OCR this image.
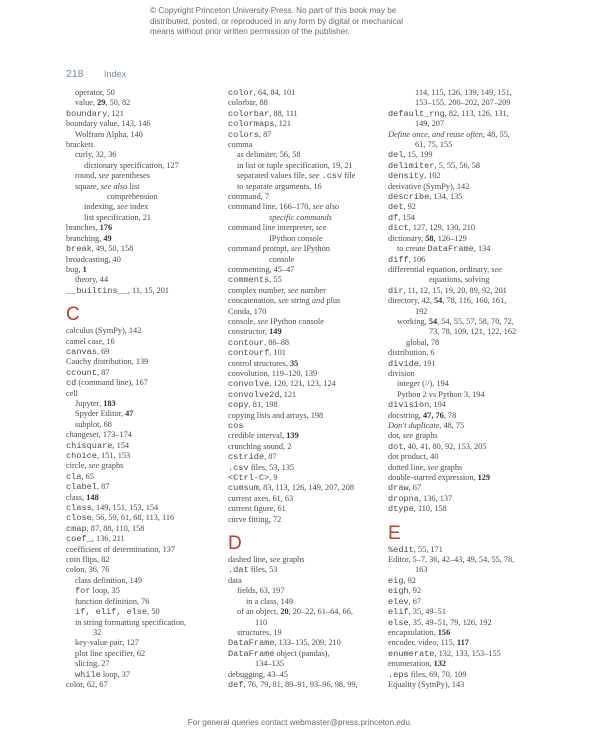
© Copyright Princeton University Press. No part of this book may be
distributed, posted, or reproduced in any form by digital or mechanical
means without prior written permission of the publisher.
218 Index
operator, 50
value, 29, 50, 82
boundary, 121
boundary value, 143, 146
Wolfram Alpha, 140
brackets
curly, 32, 36
dictionary specification, 127
round, see parentheses
square, see also list
comprehension
indexing, see index
list specification, 21
branches, 176
branching, 49
break, 49, 50, 158
broadcasting, 40
bug, 1
theory, 44
__builtins__, 11, 15, 201
C
calculus (SymPy), 142
camel case, 16
canvas, 69
Cauchy distribution, 139
ccount, 87
cd (command line), 167
cell
Jupyter, 183
Spyder Editor, 47
subplot, 68
changeset, 173–174
chisquare, 154
choice, 151, 153
circle, see graphs
cla, 65
clabel, 87
class, 148
class, 149, 151, 153, 154
close, 56, 59, 61, 68, 113, 116
cmap, 87, 88, 110, 158
coef_, 136, 211
coefficient of determination, 137
coin flips, 82
colon, 36, 76
class definition, 149
for loop, 35
function definition, 76
if, elif, else, 50
in string formatting specification,
32
key-value pair, 127
plot line specifier, 62
slicing, 27
while loop, 37
color, 62, 67
color, 64, 84, 101
colorbar, 88
colorbar, 88, 111
colormaps, 121
colors, 87
comma
as delimiter, 56, 58
in list or tuple specification, 19, 21
separated values file, see .csv file
to separate arguments, 16
command, 7
command line, 166–170, see also
specific commands
command line interpreter, see
IPython console
command prompt, see IPython
console
commenting, 45–47
comments, 55
complex number, see number
concatenation, see string and plus
Conda, 170
console, see IPython console
constructor, 149
contour, 86–88
contourf, 101
control structures, 35
convolution, 119–120, 139
convolve, 120, 121, 123, 124
convolve2d, 121
copy, 81, 198
copying lists and arrays, 198
cos
credible interval, 139
crunching sound, 2
cstride, 87
.csv files, 53, 135
<Ctrl-C>, 9
cumsum, 83, 113, 126, 149, 207, 208
current axes, 61, 63
current figure, 61
curve fitting, 72
D
dashed line, see graphs
.dat files, 53
data
fields, 63, 197
in a class, 149
of an object, 20, 20–22, 61–64, 66,
110
structures, 19
DataFrame, 133–135, 209, 210
DataFrame object (pandas),
134–135
debugging, 43–45
def, 76, 79, 81, 89–91, 93–96, 98, 99,
114, 115, 126, 139, 149, 151,
153–155, 200–202, 207–209
default_rng, 82, 113, 126, 131,
149, 207
Define once, and reuse often, 48, 55,
61, 75, 155
del, 15, 199
delimiter, 5, 55, 56, 58
density, 102
derivative (SymPy), 142
describe, 134, 135
det, 92
df, 154
dict, 127, 129, 130, 210
dictionary, 58, 126–129
to create DataFrame, 134
diff, 106
differential equation, ordinary, see
equations, solving
dir, 11, 12, 15, 19, 20, 89, 92, 201
directory, 42, 54, 78, 116, 160, 161,
192
working, 54, 54, 55, 57, 58, 70, 72,
73, 78, 109, 121, 122, 162
global, 78
distribution, 6
divide, 191
division
integer (//), 194
Python 2 vs Python 3, 194
division, 194
docstring, 47, 76, 78
Don't duplicate, 48, 75
dot, see graphs
dot, 40, 41, 80, 92, 153, 205
dot product, 40
dotted line, see graphs
double-starred expression, 129
draw, 67
dropna, 136, 137
dtype, 110, 158
E
%edit, 55, 171
Editor, 5–7, 36, 42–43, 49, 54, 55, 78,
163
eig, 92
eigh, 92
elev, 67
elif, 35, 49–51
else, 35, 49–51, 79, 126, 192
encapsulation, 156
encoder, video, 115, 117
enumerate, 132, 133, 153–155
enumeration, 132
.eps files, 69, 70, 109
Equality (SymPy), 143
For general queries contact webmaster@press.princeton.edu.
